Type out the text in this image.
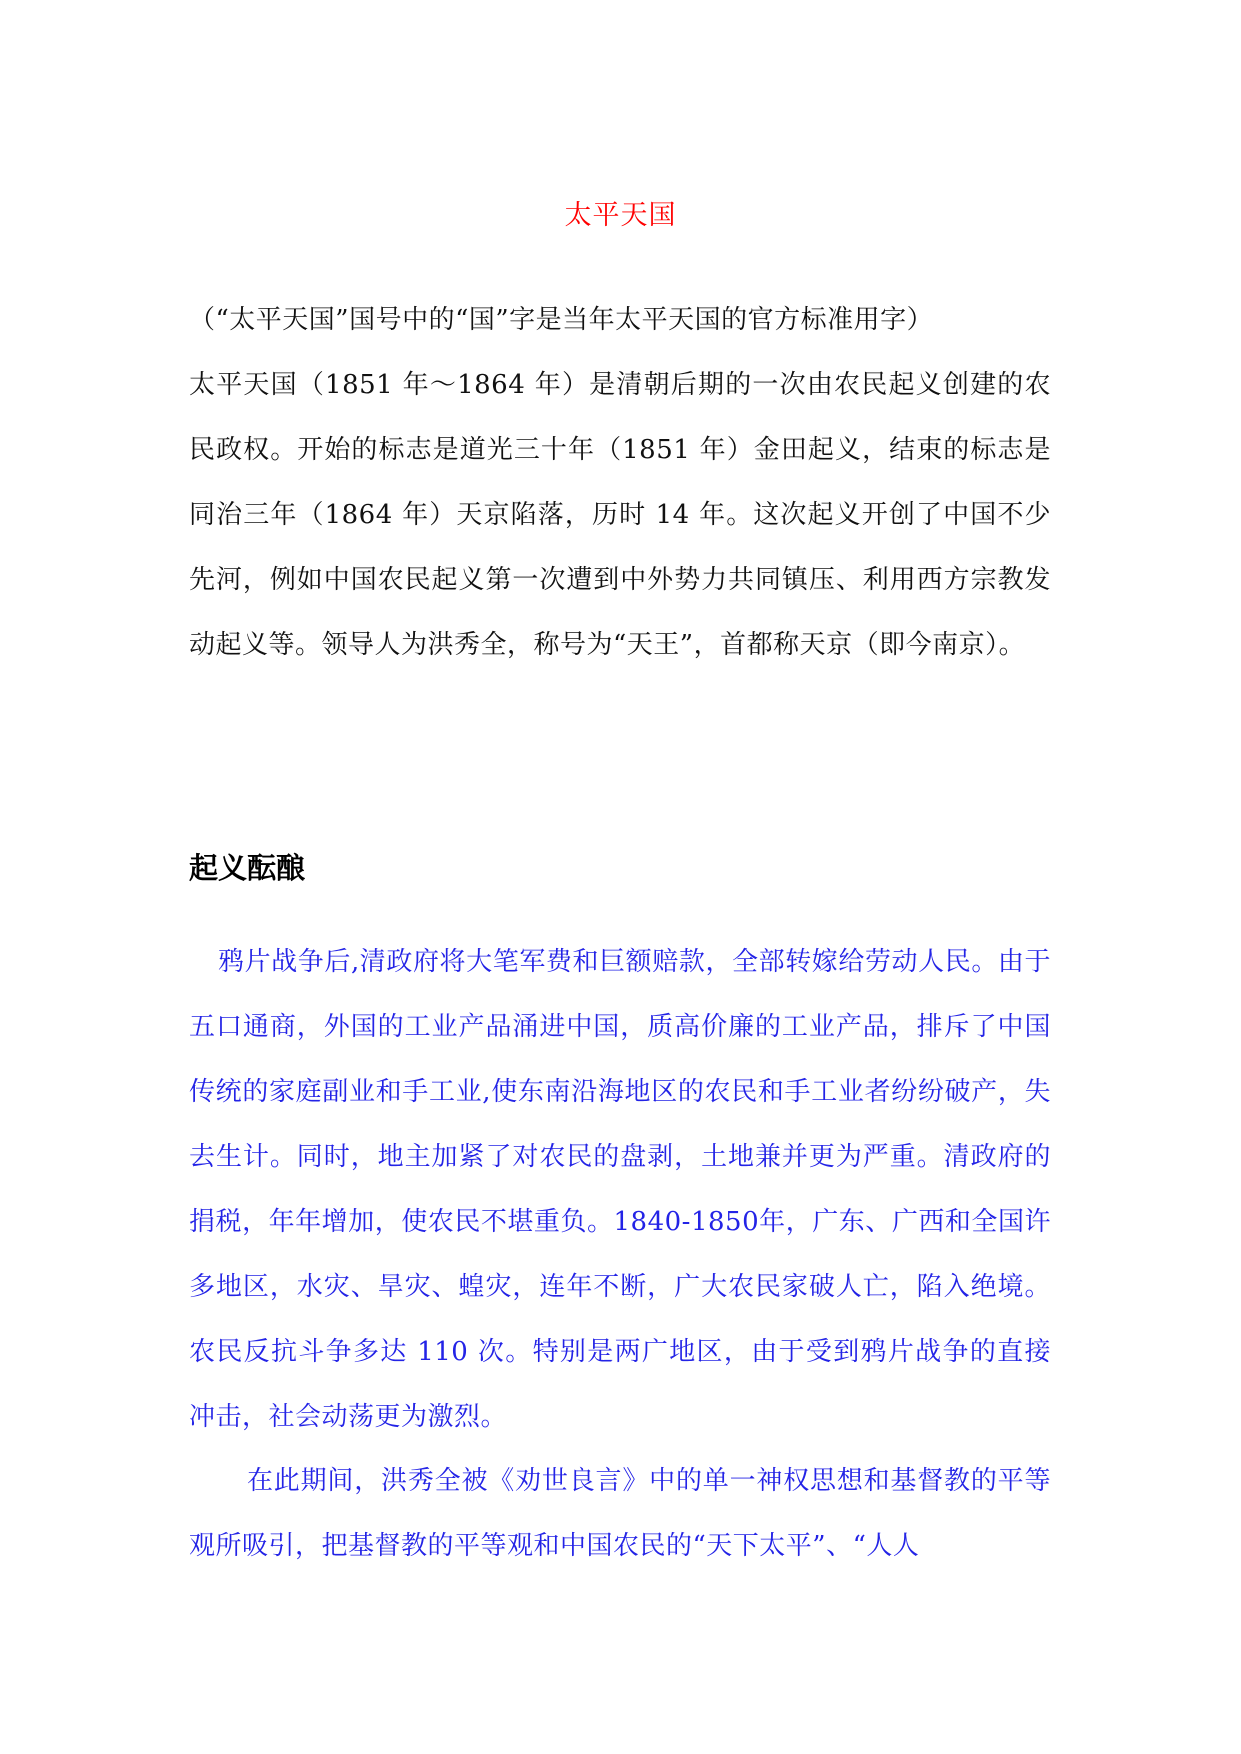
太平天国

（“太平天国”国号中的“国”字是当年太平天国的官方标准用字）

太平天国（1851 年～1864 年）是清朝后期的一次由农民起义创建的农民政权。开始的标志是道光三十年（1851 年）金田起义，结束的标志是同治三年（1864 年）天京陷落，历时 14 年。这次起义开创了中国不少先河，例如中国农民起义第一次遭到中外势力共同镇压、利用西方宗教发动起义等。领导人为洪秀全，称号为“天王”，首都称天京（即今南京）。

起义酝酿

鸦片战争后,清政府将大笔军费和巨额赔款，全部转嫁给劳动人民。由于五口通商，外国的工业产品涌进中国，质高价廉的工业产品，排斥了中国传统的家庭副业和手工业,使东南沿海地区的农民和手工业者纷纷破产，失去生计。同时，地主加紧了对农民的盘剥，土地兼并更为严重。清政府的捐税，年年增加，使农民不堪重负。1840-1850年，广东、广西和全国许多地区，水灾、旱灾、蝗灾，连年不断，广大农民家破人亡，陷入绝境。农民反抗斗争多达 110 次。特别是两广地区，由于受到鸦片战争的直接冲击，社会动荡更为激烈。

在此期间，洪秀全被《劝世良言》中的单一神权思想和基督教的平等观所吸引，把基督教的平等观和中国农民的“天下太平”、“人人
